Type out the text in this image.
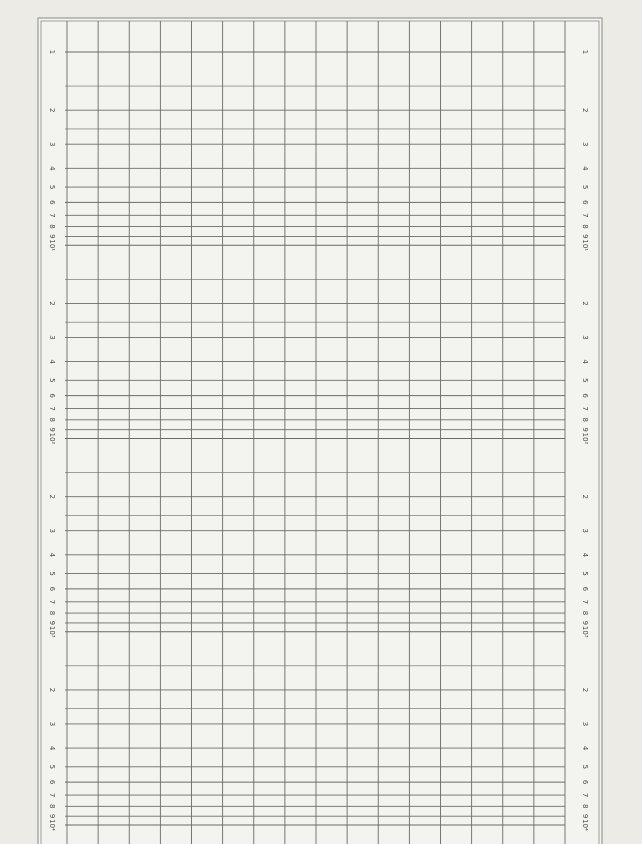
1
2
3
4
5
6
7
8
9
10¹
2
3
4
5
6
7
8
9
10²
2
3
4
5
6
7
8
9
10³
2
3
4
5
6
7
8
9
10⁴
1
2
3
4
5
6
7
8
9
10¹
2
3
4
5
6
7
8
9
10²
2
3
4
5
6
7
8
9
10³
2
3
4
5
6
7
8
9
10⁴
